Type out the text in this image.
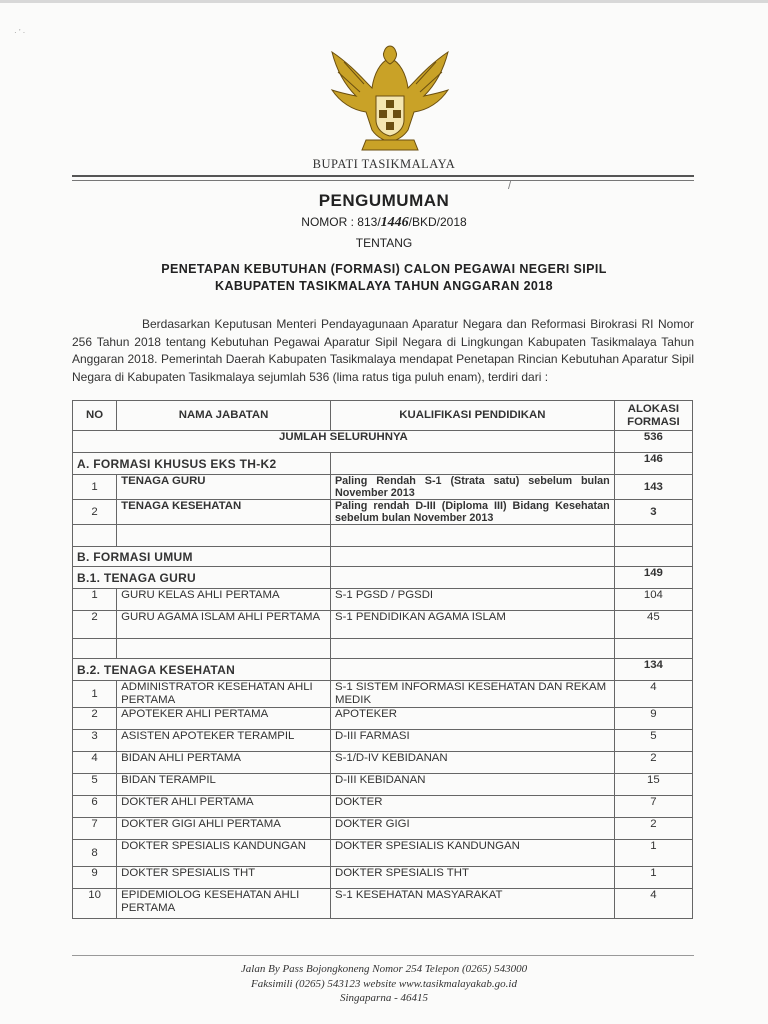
· ’ ·
BUPATI TASIKMALAYA
/
PENGUMUMAN
NOMOR : 813/1446/BKD/2018
TENTANG
PENETAPAN KEBUTUHAN (FORMASI) CALON PEGAWAI NEGERI SIPIL
KABUPATEN TASIKMALAYA TAHUN ANGGARAN 2018
Berdasarkan Keputusan Menteri Pendayagunaan Aparatur Negara dan Reformasi Birokrasi RI Nomor 256 Tahun 2018 tentang Kebutuhan Pegawai Aparatur Sipil Negara di Lingkungan Kabupaten Tasikmalaya Tahun Anggaran 2018. Pemerintah Daerah Kabupaten Tasikmalaya mendapat Penetapan Rincian Kebutuhan Aparatur Sipil Negara di Kabupaten Tasikmalaya sejumlah 536 (lima ratus tiga puluh enam), terdiri dari :
NO	NAMA JABATAN	KUALIFIKASI PENDIDIKAN	ALOKASI FORMASI
JUMLAH SELURUHNYA			536
A. FORMASI KHUSUS EKS TH-K2			146
1	TENAGA GURU	Paling Rendah S-1 (Strata satu) sebelum bulan November 2013	143
2	TENAGA KESEHATAN	Paling rendah D-III (Diploma III) Bidang Kesehatan sebelum bulan November 2013	3

B. FORMASI UMUM			
B.1. TENAGA GURU			149
1	GURU KELAS AHLI PERTAMA	S-1 PGSD / PGSDI	104
2	GURU AGAMA ISLAM AHLI PERTAMA	S-1 PENDIDIKAN AGAMA ISLAM	45

B.2. TENAGA KESEHATAN			134
1	ADMINISTRATOR KESEHATAN AHLI PERTAMA	S-1 SISTEM INFORMASI KESEHATAN DAN REKAM MEDIK	4
2	APOTEKER AHLI PERTAMA	APOTEKER	9
3	ASISTEN APOTEKER TERAMPIL	D-III FARMASI	5
4	BIDAN AHLI PERTAMA	S-1/D-IV KEBIDANAN	2
5	BIDAN TERAMPIL	D-III KEBIDANAN	15
6	DOKTER AHLI PERTAMA	DOKTER	7
7	DOKTER GIGI AHLI PERTAMA	DOKTER GIGI	2
8	DOKTER SPESIALIS KANDUNGAN	DOKTER SPESIALIS KANDUNGAN	1
9	DOKTER SPESIALIS THT	DOKTER SPESIALIS THT	1
10	EPIDEMIOLOG KESEHATAN AHLI PERTAMA	S-1 KESEHATAN MASYARAKAT	4
Jalan By Pass Bojongkoneng Nomor 254 Telepon (0265) 543000
Faksimili (0265) 543123 website www.tasikmalayakab.go.id
Singaparna - 46415
